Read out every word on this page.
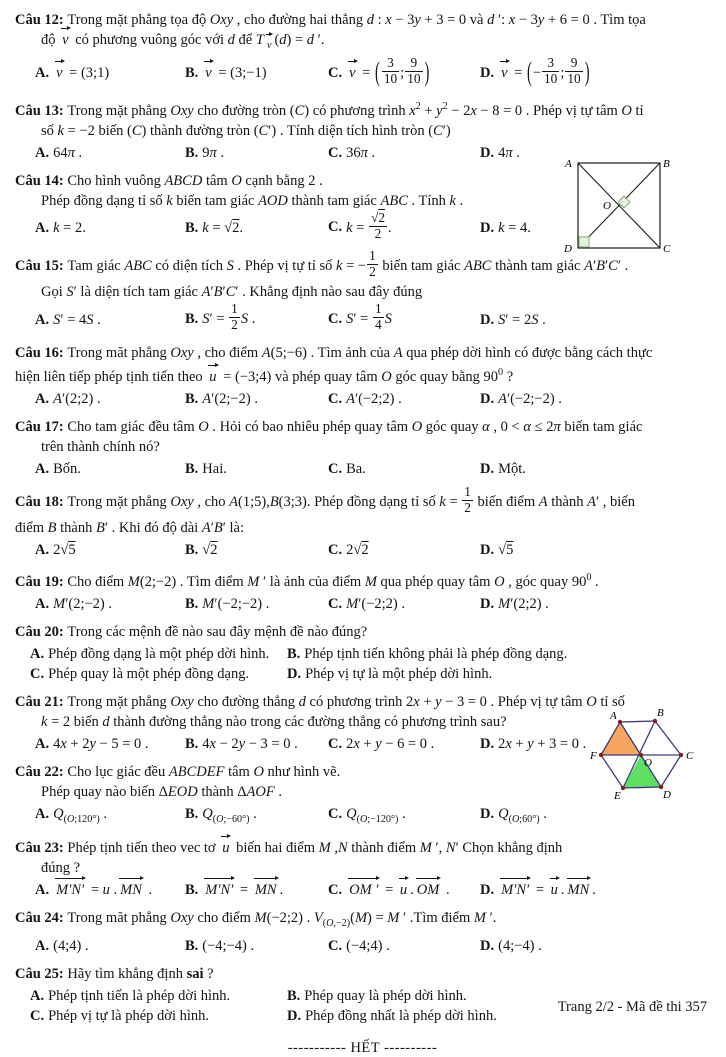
Câu 12: Trong mặt phẳng tọa độ Oxy , cho đường hai thẳng d : x − 3y + 3 = 0 và d ′: x − 3y + 6 = 0 . Tìm tọa
độ v có phương vuông góc với d để T $_v$ (d) = d ′.
A. v = (3;1)	B. v = (3;−1)	C. v = ( $\frac{3}{10}$ ; $\frac{9}{10}$ )	D. v = (− $\frac{3}{10}$ ; $\frac{9}{10}$ )
Câu 13: Trong mặt phẳng Oxy cho đường tròn (C) có phương trình $x^2 + y^2 - 2x - 8 = 0$ . Phép vị tự tâm O tỉ
số k = −2 biến (C) thành đường tròn (C′) . Tính diện tích hình tròn (C′)
A. 64π .	B. 9π .	C. 36π .	D. 4π .
Câu 14: Cho hình vuông ABCD tâm O cạnh bằng 2 .
Phép đồng dạng tỉ số k biến tam giác AOD thành tam giác ABC . Tính k .
A. k = 2.	B. k = √2.	C. $k = \frac{√2}{2}$ .	D. k = 4.
Câu 15: Tam giác ABC có diện tích S . Phép vị tự tỉ số k = − $\frac{1}{2}$ biến tam giác ABC thành tam giác A′B′C′ .
Gọi S′ là diện tích tam giác A′B′C′ . Khẳng định nào sau đây đúng
A. S′ = 4S .	B. $S' = \frac{1}{2}$ S .	C. $S' = \frac{1}{4}$ S	D. S′ = 2S .
Câu 16: Trong măt phẳng Oxy , cho điểm A(5;−6) . Tìm ảnh của A qua phép dời hình có được bằng cách thực
hiện liên tiếp phép tịnh tiến theo u = (−3;4) và phép quay tâm O góc quay bằng $90^0$ ?
A. A′(2;2) .	B. A′(2;−2) .	C. A′(−2;2) .	D. A′(−2;−2) .
Câu 17: Cho tam giác đều tâm O . Hỏi có bao nhiêu phép quay tâm O góc quay α , 0 < α ≤ 2π biến tam giác
trên thành chính nó?
A. Bốn.	B. Hai.	C. Ba.	D. Một.
Câu 18: Trong mặt phẳng Oxy , cho A(1;5),B(3;3). Phép đồng dạng tỉ số $k = \frac{1}{2}$ biến điểm A thành A′ , biến
điểm B thành B′ . Khi đó độ dài A′B′ là:
A. 2√5	B. √2	C. 2√2	D. √5
Câu 19: Cho điểm M(2;−2) . Tìm điểm M ′ là ảnh của điểm M qua phép quay tâm O , góc quay $90^0$ .
A. M′(2;−2) .	B. M′(−2;−2) .	C. M′(−2;2) .	D. M′(2;2) .
Câu 20: Trong các mệnh đề nào sau đây mệnh đề nào đúng?
A. Phép đồng dạng là một phép dời hình.	B. Phép tịnh tiến không phải là phép đồng dạng.
C. Phép quay là một phép đồng dạng.	D. Phép vị tự là một phép dời hình.
Câu 21: Trong mặt phẳng Oxy cho đường thẳng d có phương trình 2x + y − 3 = 0 . Phép vị tự tâm O tỉ số
k = 2 biến d thành đường thẳng nào trong các đường thẳng có phương trình sau?
A. 4x + 2y − 5 = 0 .	B. 4x − 2y − 3 = 0 .	C. 2x + y − 6 = 0 .	D. 2x + y + 3 = 0 .
Câu 22: Cho lục giác đều ABCDEF tâm O như hình vẽ.
Phép quay nào biến ΔEOD thành ΔAOF .
A. $Q_{(O;120^\circ)}$ .	B. $Q_{(O;-60^\circ)}$ .	C. $Q_{(O;-120^\circ)}$ .	D. $Q_{(O;60^\circ)}$ .
Câu 23: Phép tịnh tiến theo vec tơ u biến hai điểm M ,N thành điểm M ′, N′ Chọn khẳng định
đúng ?
A. M′N′ = u . MN .	B. M′N′ = MN .	C. OM ′ = u . OM .	D. M′N′ = u . MN .
Câu 24: Trong măt phẳng Oxy cho điểm M(−2;2) . $V_{(O,-2)}(M) = M$ ′ .Tìm điểm M ′.
A. (4;4) .	B. (−4;−4) .	C. (−4;4) .	D. (4;−4) .
Câu 25: Hãy tìm khẳng định sai ?
A. Phép tịnh tiến là phép dời hình.	B. Phép quay là phép dời hình.
C. Phép vị tự là phép dời hình.	D. Phép đồng nhất là phép dời hình.
----------- HẾT ----------
Trang 2/2 - Mã đề thi 357
A	B
C
D
O
A	B
C
D
E
F
O
